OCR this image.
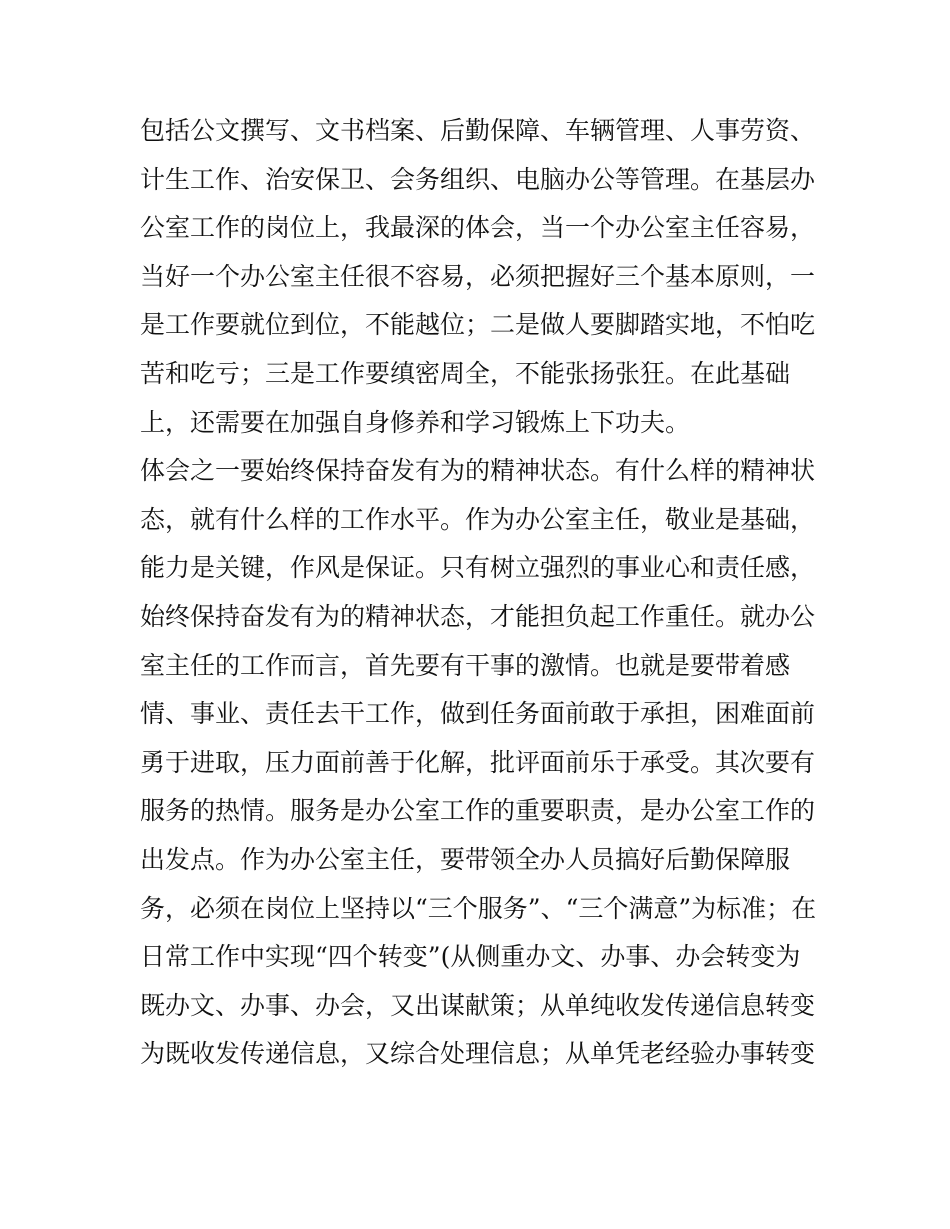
包括公文撰写、文书档案、后勤保障、车辆管理、人事劳资、
计生工作、治安保卫、会务组织、电脑办公等管理。在基层办
公室工作的岗位上，我最深的体会，当一个办公室主任容易，
当好一个办公室主任很不容易，必须把握好三个基本原则，一
是工作要就位到位，不能越位；二是做人要脚踏实地，不怕吃
苦和吃亏；三是工作要缜密周全，不能张扬张狂。在此基础
上，还需要在加强自身修养和学习锻炼上下功夫。
体会之一要始终保持奋发有为的精神状态。有什么样的精神状
态，就有什么样的工作水平。作为办公室主任，敬业是基础，
能力是关键，作风是保证。只有树立强烈的事业心和责任感，
始终保持奋发有为的精神状态，才能担负起工作重任。就办公
室主任的工作而言，首先要有干事的激情。也就是要带着感
情、事业、责任去干工作，做到任务面前敢于承担，困难面前
勇于进取，压力面前善于化解，批评面前乐于承受。其次要有
服务的热情。服务是办公室工作的重要职责，是办公室工作的
出发点。作为办公室主任，要带领全办人员搞好后勤保障服
务，必须在岗位上坚持以“三个服务”、“三个满意”为标准；在
日常工作中实现“四个转变”(从侧重办文、办事、办会转变为
既办文、办事、办会，又出谋献策；从单纯收发传递信息转变
为既收发传递信息，又综合处理信息；从单凭老经验办事转变
